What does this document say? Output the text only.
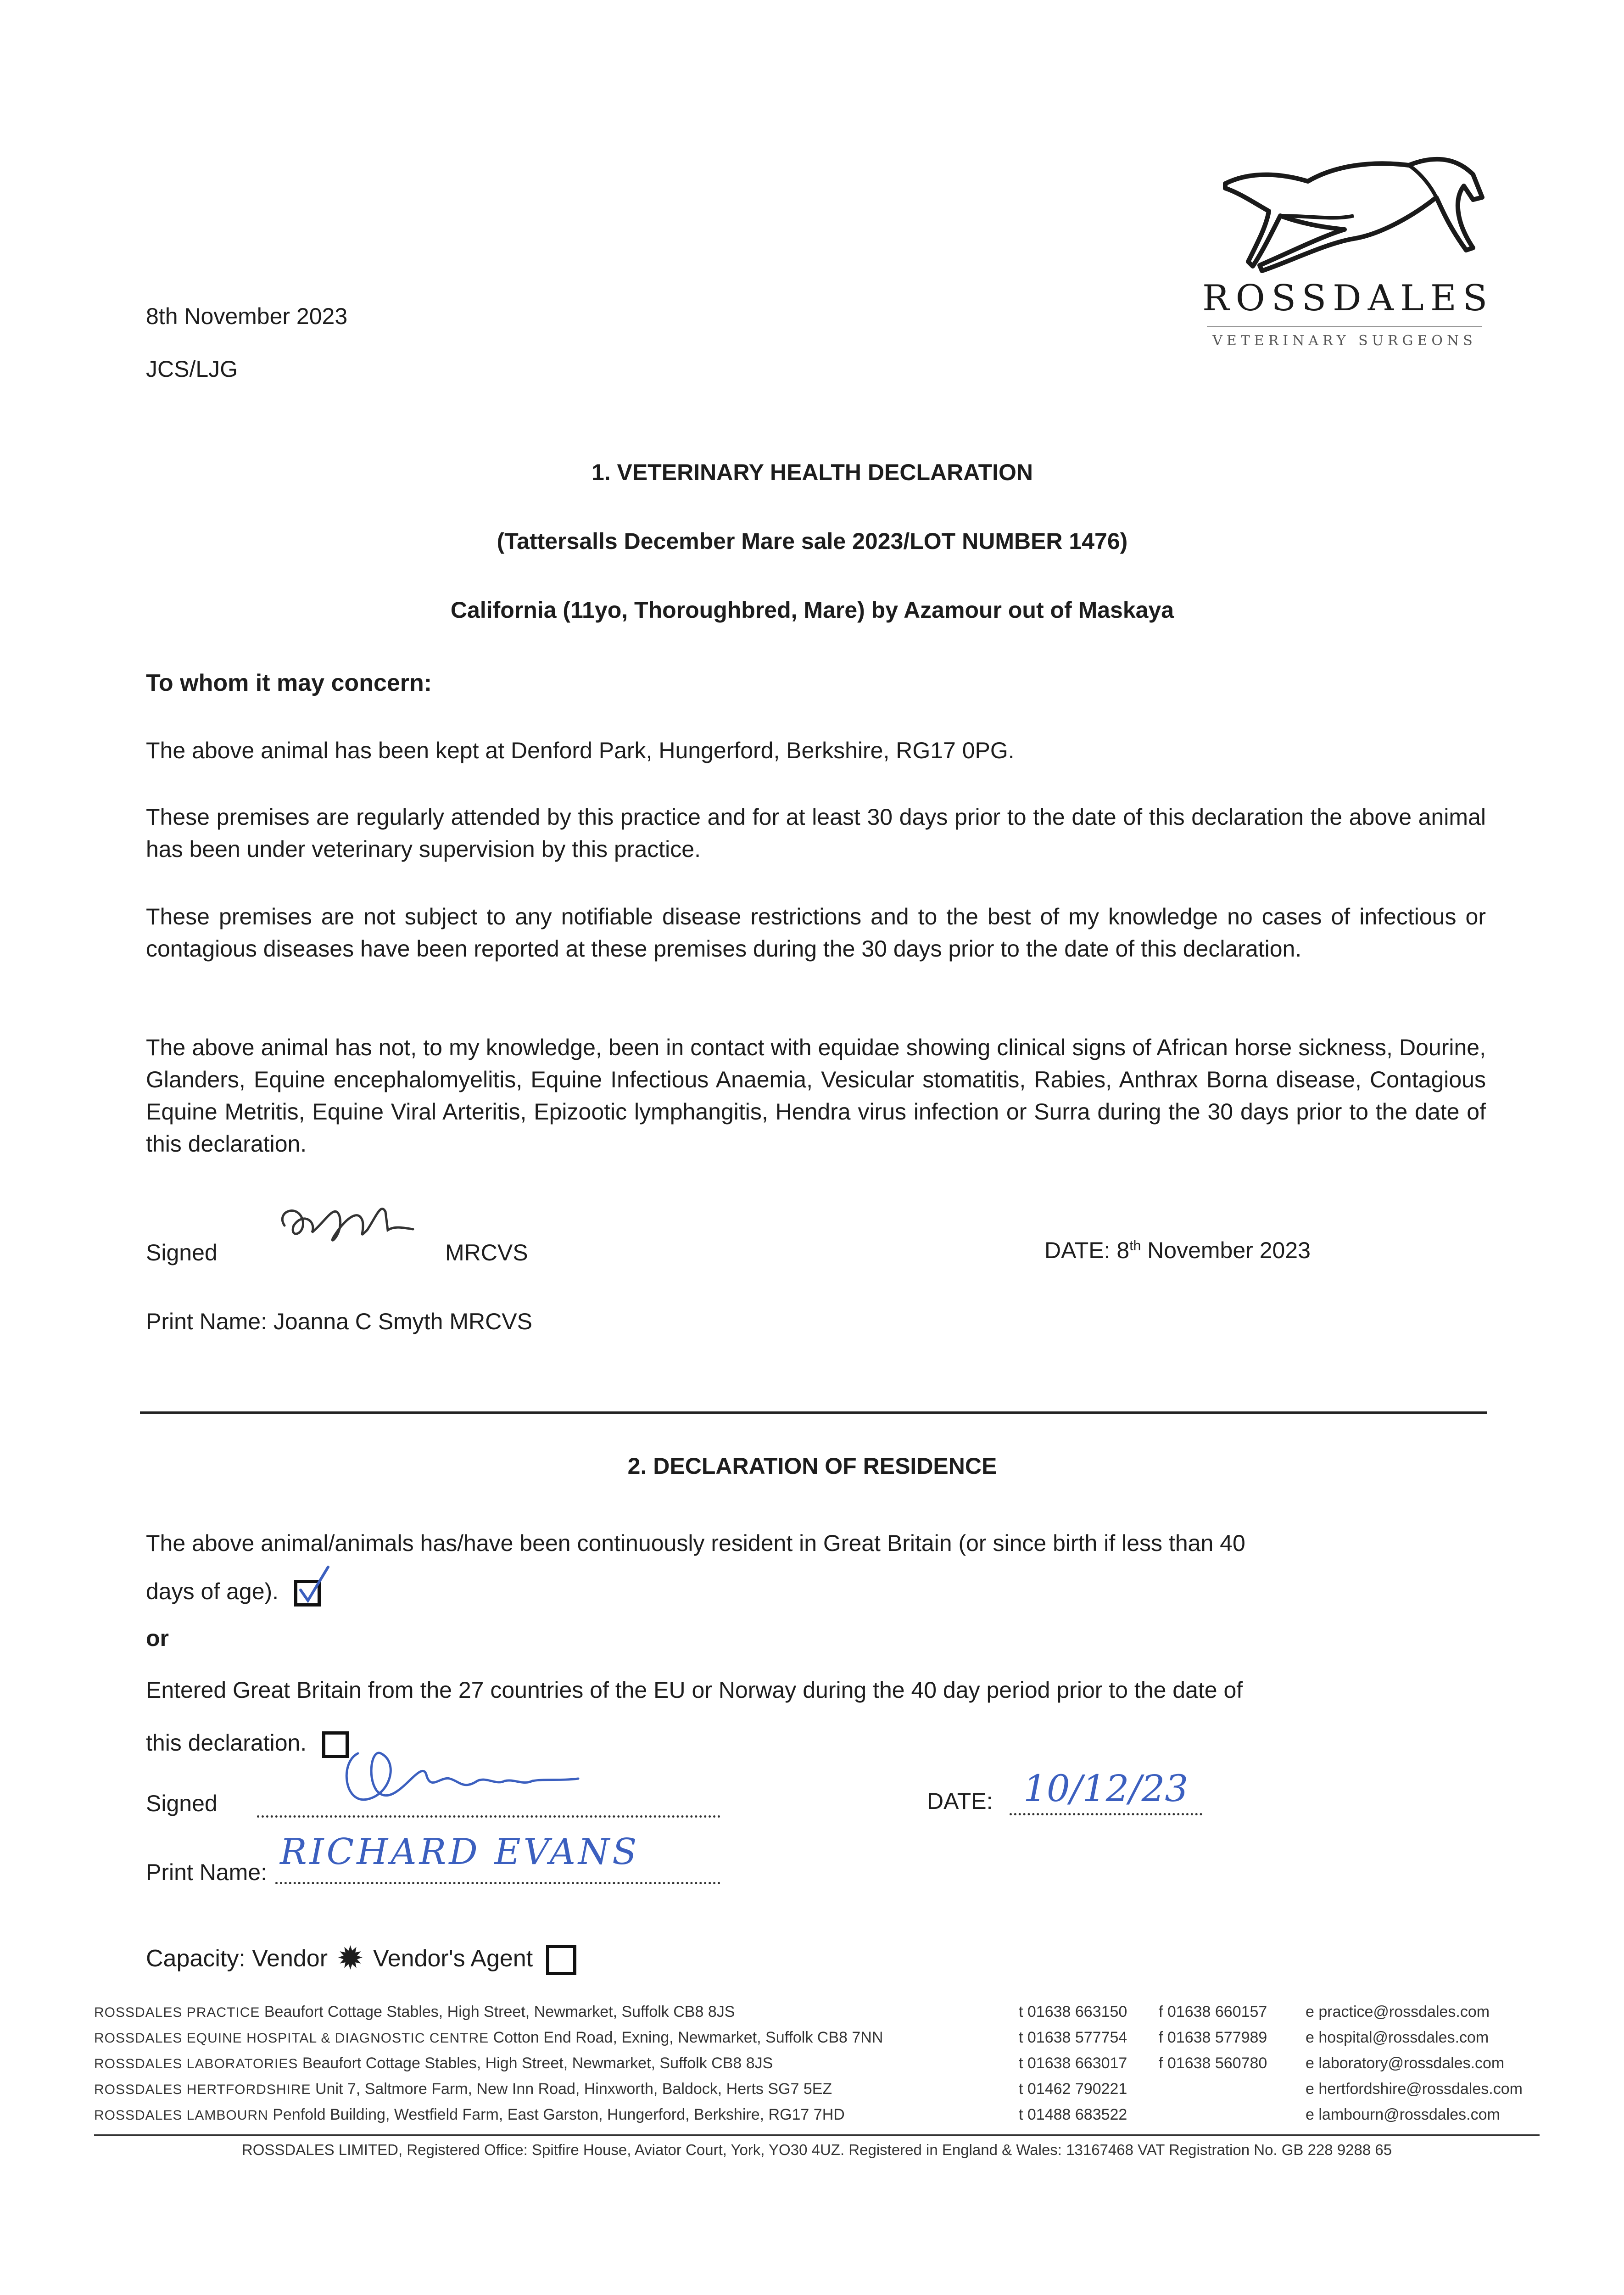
ROSSDALES
VETERINARY SURGEONS
8th November 2023
JCS/LJG
1. VETERINARY HEALTH DECLARATION
(Tattersalls December Mare sale 2023/LOT NUMBER 1476)
California (11yo, Thoroughbred, Mare) by Azamour out of Maskaya
To whom it may concern:
The above animal has been kept at Denford Park, Hungerford, Berkshire, RG17 0PG.
These premises are regularly attended by this practice and for at least 30 days prior to the date of this declaration the above animal has been under veterinary supervision by this practice.
These premises are not subject to any notifiable disease restrictions and to the best of my knowledge no cases of infectious or contagious diseases have been reported at these premises during the 30 days prior to the date of this declaration.
The above animal has not, to my knowledge, been in contact with equidae showing clinical signs of African horse sickness, Dourine, Glanders, Equine encephalomyelitis, Equine Infectious Anaemia, Vesicular stomatitis, Rabies, Anthrax Borna disease, Contagious Equine Metritis, Equine Viral Arteritis, Epizootic lymphangitis, Hendra virus infection or Surra during the 30 days prior to the date of this declaration.
Signed	MRCVS	DATE: 8th November 2023
Print Name: Joanna C Smyth MRCVS
2. DECLARATION OF RESIDENCE
The above animal/animals has/have been continuously resident in Great Britain (or since birth if less than 40
days of age).
or
Entered Great Britain from the 27 countries of the EU or Norway during the 40 day period prior to the date of
this declaration.
Signed	DATE: 10/12/23
Print Name: RICHARD EVANS
Capacity: Vendor ✹ Vendor's Agent
ROSSDALES PRACTICE Beaufort Cottage Stables, High Street, Newmarket, Suffolk CB8 8JS	t 01638 663150 f 01638 660157 e practice@rossdales.com
ROSSDALES EQUINE HOSPITAL & DIAGNOSTIC CENTRE Cotton End Road, Exning, Newmarket, Suffolk CB8 7NN	t 01638 577754 f 01638 577989 e hospital@rossdales.com
ROSSDALES LABORATORIES Beaufort Cottage Stables, High Street, Newmarket, Suffolk CB8 8JS	t 01638 663017 f 01638 560780 e laboratory@rossdales.com
ROSSDALES HERTFORDSHIRE Unit 7, Saltmore Farm, New Inn Road, Hinxworth, Baldock, Herts SG7 5EZ	t 01462 790221	e hertfordshire@rossdales.com
ROSSDALES LAMBOURN Penfold Building, Westfield Farm, East Garston, Hungerford, Berkshire, RG17 7HD	t 01488 683522	e lambourn@rossdales.com
ROSSDALES LIMITED, Registered Office: Spitfire House, Aviator Court, York, YO30 4UZ. Registered in England & Wales: 13167468 VAT Registration No. GB 228 9288 65
